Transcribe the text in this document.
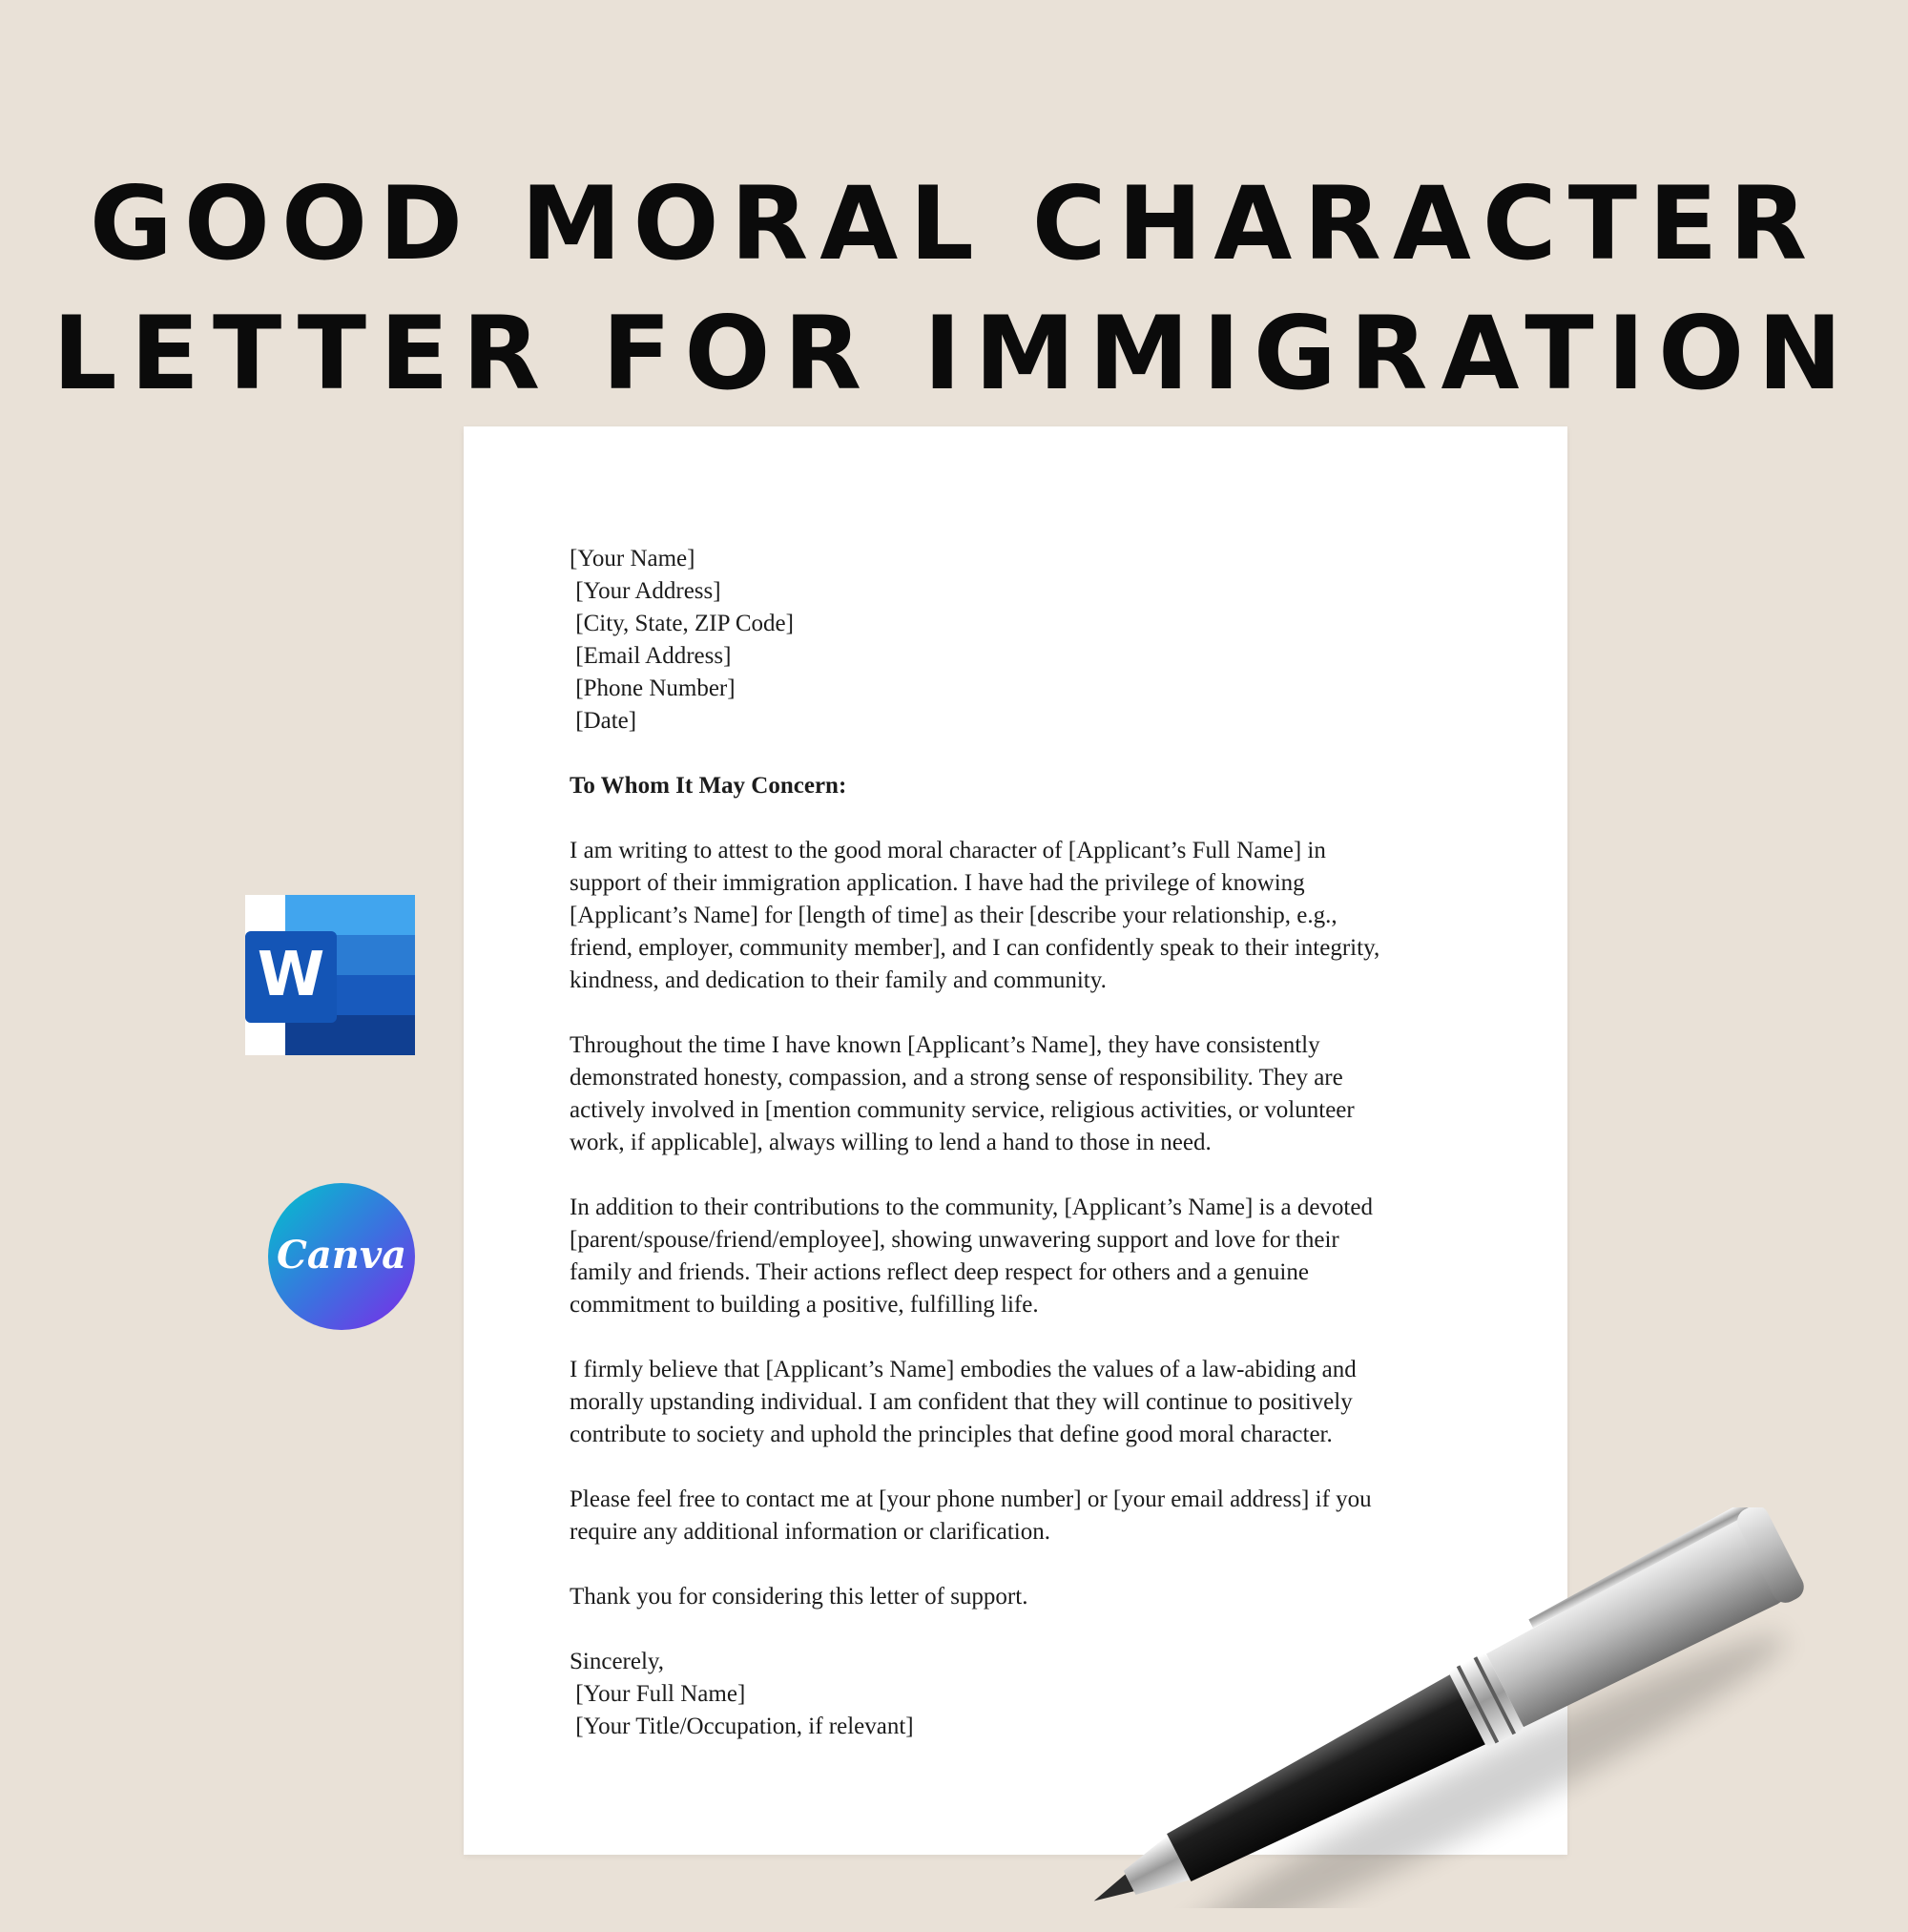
GOOD MORAL CHARACTER
LETTER FOR IMMIGRATION
[Your Name]
[Your Address]
[City, State, ZIP Code]
[Email Address]
[Phone Number]
[Date]
To Whom It May Concern:
I am writing to attest to the good moral character of [Applicant’s Full Name] in
support of their immigration application. I have had the privilege of knowing
[Applicant’s Name] for [length of time] as their [describe your relationship, e.g.,
friend, employer, community member], and I can confidently speak to their integrity,
kindness, and dedication to their family and community.
Throughout the time I have known [Applicant’s Name], they have consistently
demonstrated honesty, compassion, and a strong sense of responsibility. They are
actively involved in [mention community service, religious activities, or volunteer
work, if applicable], always willing to lend a hand to those in need.
In addition to their contributions to the community, [Applicant’s Name] is a devoted
[parent/spouse/friend/employee], showing unwavering support and love for their
family and friends. Their actions reflect deep respect for others and a genuine
commitment to building a positive, fulfilling life.
I firmly believe that [Applicant’s Name] embodies the values of a law-abiding and
morally upstanding individual. I am confident that they will continue to positively
contribute to society and uphold the principles that define good moral character.
Please feel free to contact me at [your phone number] or [your email address] if you
require any additional information or clarification.
Thank you for considering this letter of support.
Sincerely,
[Your Full Name]
[Your Title/Occupation, if relevant]
W
Canva
